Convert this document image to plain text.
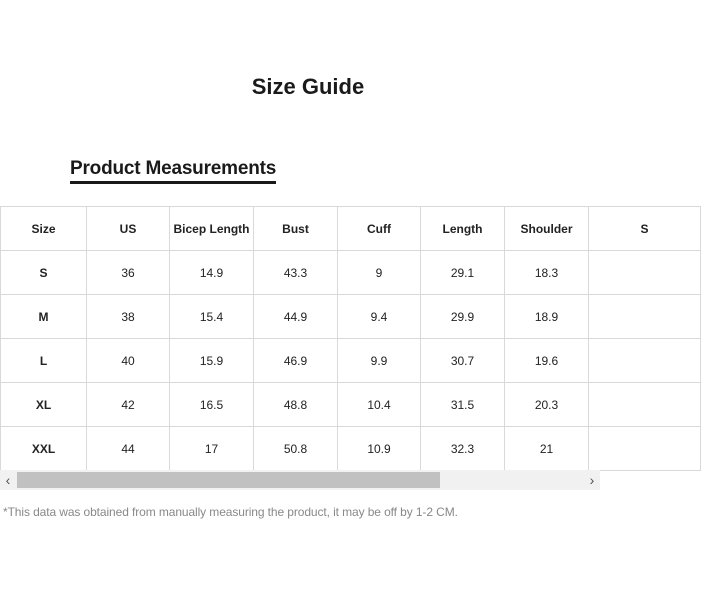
Size Guide
Product Measurements
Size	US	Bicep Length	Bust	Cuff	Length	Shoulder	S
S	36	14.9	43.3	9	29.1	18.3	
M	38	15.4	44.9	9.4	29.9	18.9	
L	40	15.9	46.9	9.9	30.7	19.6	
XL	42	16.5	48.8	10.4	31.5	20.3	
XXL	44	17	50.8	10.9	32.3	21	
‹	›
*This data was obtained from manually measuring the product, it may be off by 1-2 CM.
